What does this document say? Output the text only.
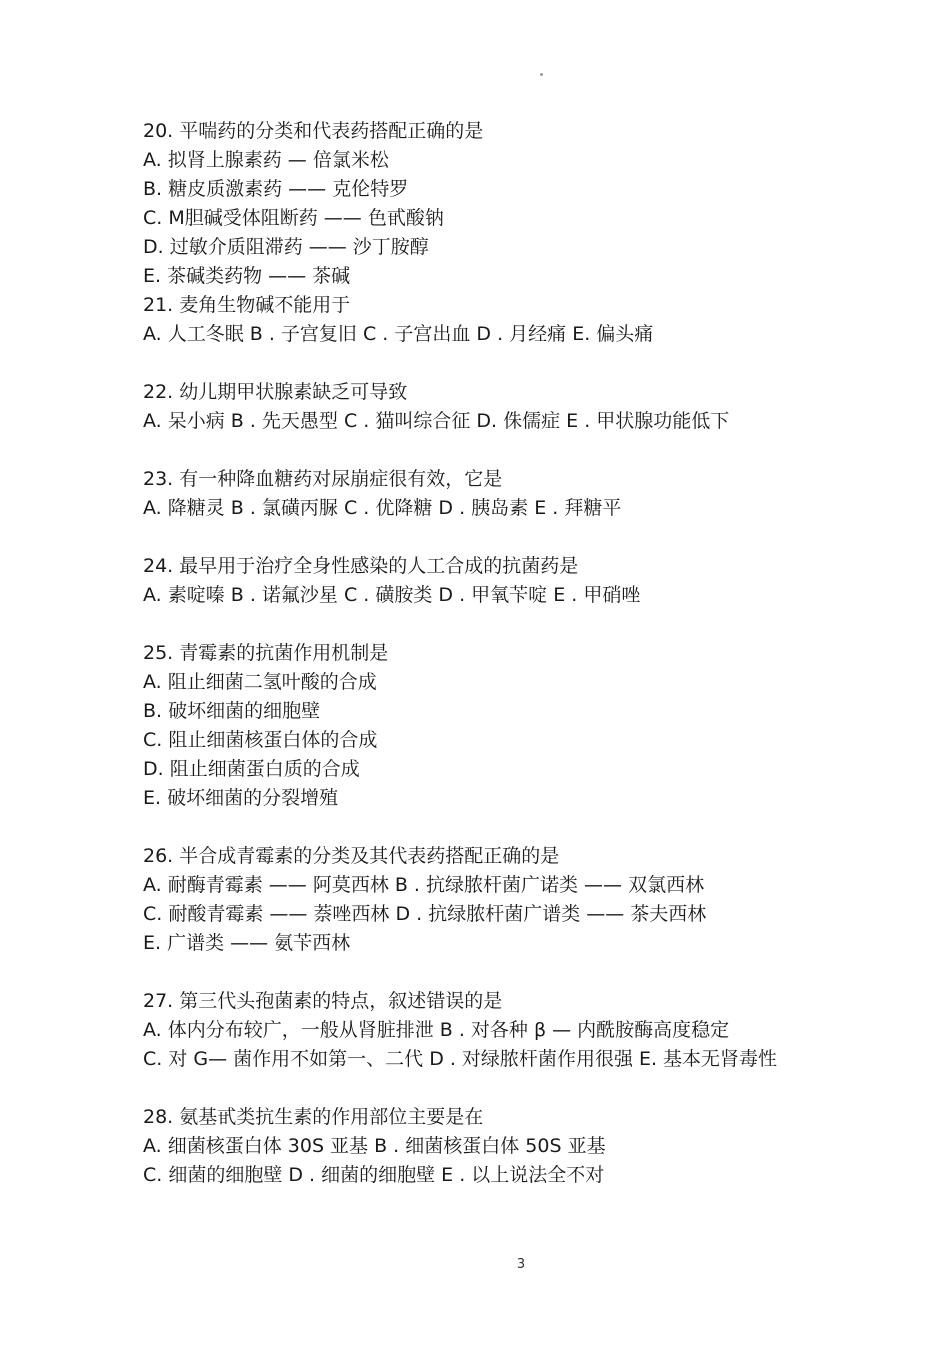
20. 平喘药的分类和代表药搭配正确的是
A. 拟肾上腺素药 — 倍氯米松
B. 糖皮质激素药 —— 克伦特罗
C. M胆碱受体阻断药 —— 色甙酸钠
D. 过敏介质阻滞药 —— 沙丁胺醇
E. 茶碱类药物 —— 茶碱
21. 麦角生物碱不能用于
A. 人工冬眠 B . 子宫复旧 C . 子宫出血 D . 月经痛 E. 偏头痛
22. 幼儿期甲状腺素缺乏可导致
A. 呆小病 B . 先天愚型 C . 猫叫综合征 D. 侏儒症 E . 甲状腺功能低下
23. 有一种降血糖药对尿崩症很有效，它是
A. 降糖灵 B . 氯磺丙脲 C . 优降糖 D . 胰岛素 E . 拜糖平
24. 最早用于治疗全身性感染的人工合成的抗菌药是
A. 素啶嗪 B . 诺氟沙星 C . 磺胺类 D . 甲氧苄啶 E . 甲硝唑
25. 青霉素的抗菌作用机制是
A. 阻止细菌二氢叶酸的合成
B. 破坏细菌的细胞壁
C. 阻止细菌核蛋白体的合成
D. 阻止细菌蛋白质的合成
E. 破坏细菌的分裂增殖
26. 半合成青霉素的分类及其代表药搭配正确的是
A. 耐酶青霉素 —— 阿莫西林 B . 抗绿脓杆菌广诺类 —— 双氯西林
C. 耐酸青霉素 —— 萘唑西林 D . 抗绿脓杆菌广谱类 —— 茶夫西林
E. 广谱类 —— 氨苄西林
27. 第三代头孢菌素的特点，叙述错误的是
A. 体内分布较广，一般从肾脏排泄 B . 对各种 β — 内酰胺酶高度稳定
C. 对 G— 菌作用不如第一、二代 D . 对绿脓杆菌作用很强 E. 基本无肾毒性
28. 氨基甙类抗生素的作用部位主要是在
A. 细菌核蛋白体 30S 亚基 B . 细菌核蛋白体 50S 亚基
C. 细菌的细胞壁 D . 细菌的细胞壁 E . 以上说法全不对
3
